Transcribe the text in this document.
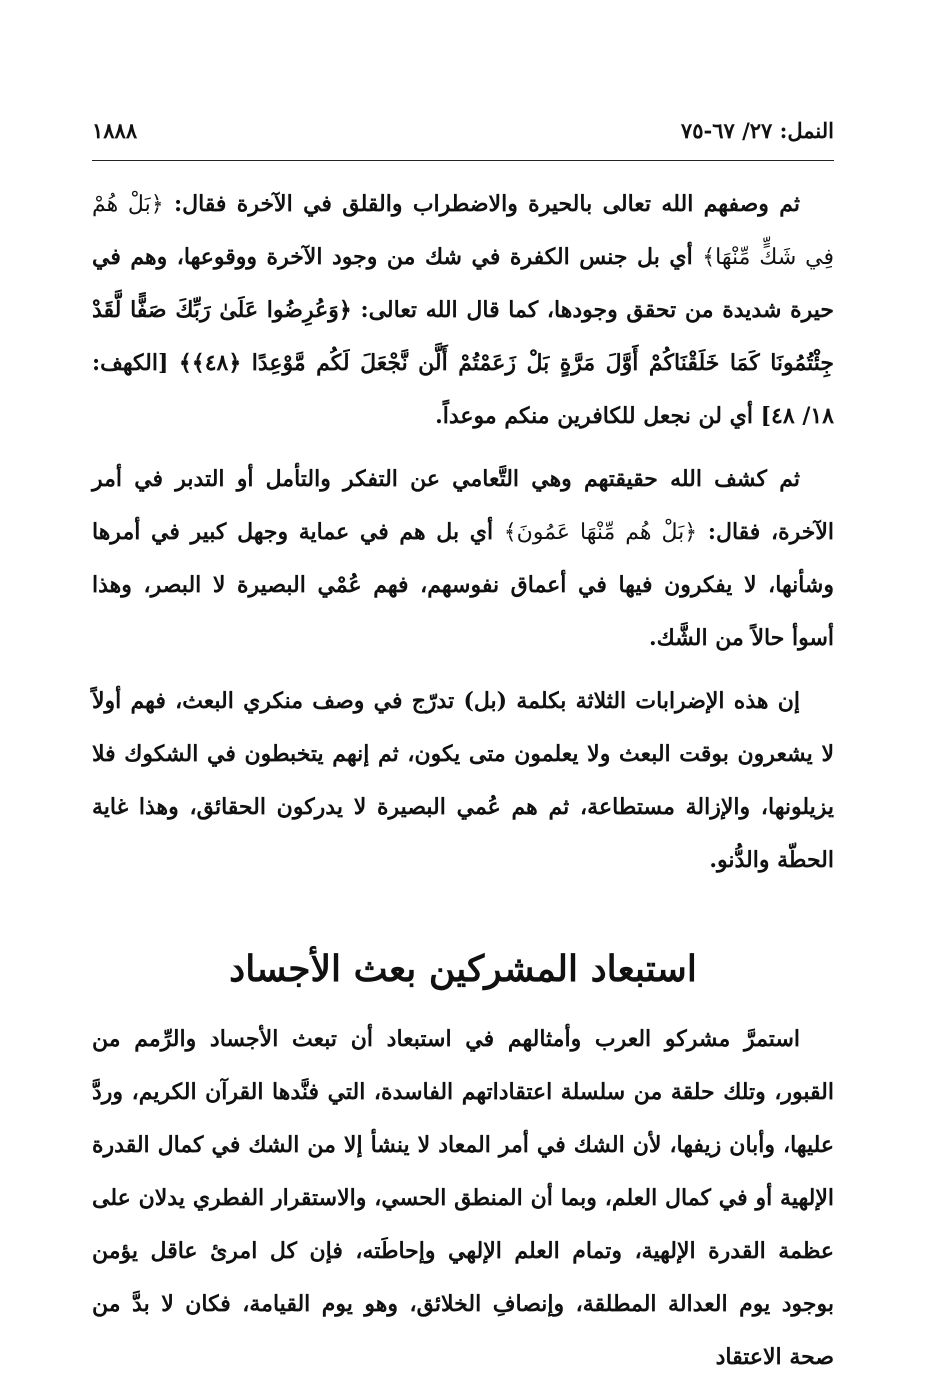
النمل: ٢٧/ ٦٧-٧٥
١٨٨٨

ثم وصفهم الله تعالى بالحيرة والاضطراب والقلق في الآخرة فقال: ﴿بَلْ هُمْ فِي شَكٍّ مِّنْهَا﴾ أي بل جنس الكفرة في شك من وجود الآخرة ووقوعها، وهم في حيرة شديدة من تحقق وجودها، كما قال الله تعالى: ﴿وَعُرِضُوا عَلَىٰ رَبِّكَ صَفًّا لَّقَدْ جِئْتُمُونَا كَمَا خَلَقْنَاكُمْ أَوَّلَ مَرَّةٍ بَلْ زَعَمْتُمْ أَلَّن نَّجْعَلَ لَكُم مَّوْعِدًا ﴿٤٨﴾﴾ [الكهف: ١٨/ ٤٨] أي لن نجعل للكافرين منكم موعداً.

ثم كشف الله حقيقتهم وهي التَّعامي عن التفكر والتأمل أو التدبر في أمر الآخرة، فقال: ﴿بَلْ هُم مِّنْهَا عَمُونَ﴾ أي بل هم في عماية وجهل كبير في أمرها وشأنها، لا يفكرون فيها في أعماق نفوسهم، فهم عُمْي البصيرة لا البصر، وهذا أسوأ حالاً من الشَّك.

إن هذه الإضرابات الثلاثة بكلمة (بل) تدرّج في وصف منكري البعث، فهم أولاً لا يشعرون بوقت البعث ولا يعلمون متى يكون، ثم إنهم يتخبطون في الشكوك فلا يزيلونها، والإزالة مستطاعة، ثم هم عُمي البصيرة لا يدركون الحقائق، وهذا غاية الحطّة والدُّنو.

استبعاد المشركين بعث الأجساد

استمرَّ مشركو العرب وأمثالهم في استبعاد أن تبعث الأجساد والرِّمم من القبور، وتلك حلقة من سلسلة اعتقاداتهم الفاسدة، التي فنَّدها القرآن الكريم، وردَّ عليها، وأبان زيفها، لأن الشك في أمر المعاد لا ينشأ إلا من الشك في كمال القدرة الإلهية أو في كمال العلم، وبما أن المنطق الحسي، والاستقرار الفطري يدلان على عظمة القدرة الإلهية، وتمام العلم الإلهي وإحاطَته، فإن كل امرئ عاقل يؤمن بوجود يوم العدالة المطلقة، وإنصافِ الخلائق، وهو يوم القيامة، فكان لا بدَّ من صحة الاعتقاد
